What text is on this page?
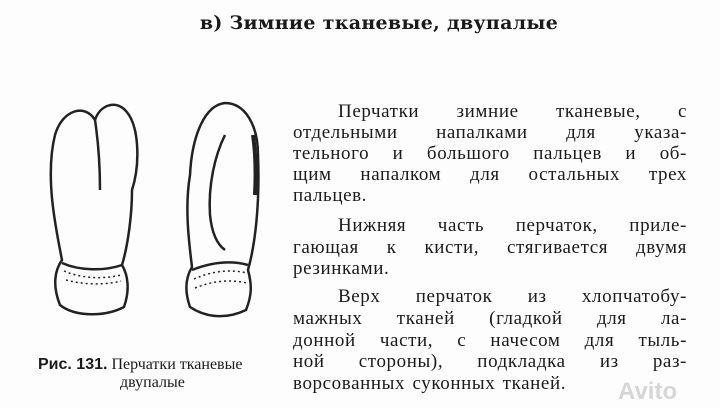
в) Зимние тканевые, двупалые
Рис. 131. Перчатки тканевые
двупалые
Перчатки зимние тканевые, с
отдельными напалками для указа-
тельного и большого пальцев и об-
щим напалком для остальных трех
пальцев.
Нижняя часть перчаток, приле-
гающая к кисти, стягивается двумя
резинками.
Верх перчаток из хлопчатобу-
мажных тканей (гладкой для ла-
донной части, с начесом для тыль-
ной стороны), подкладка из раз-
ворсованных суконных тканей.	Avito
